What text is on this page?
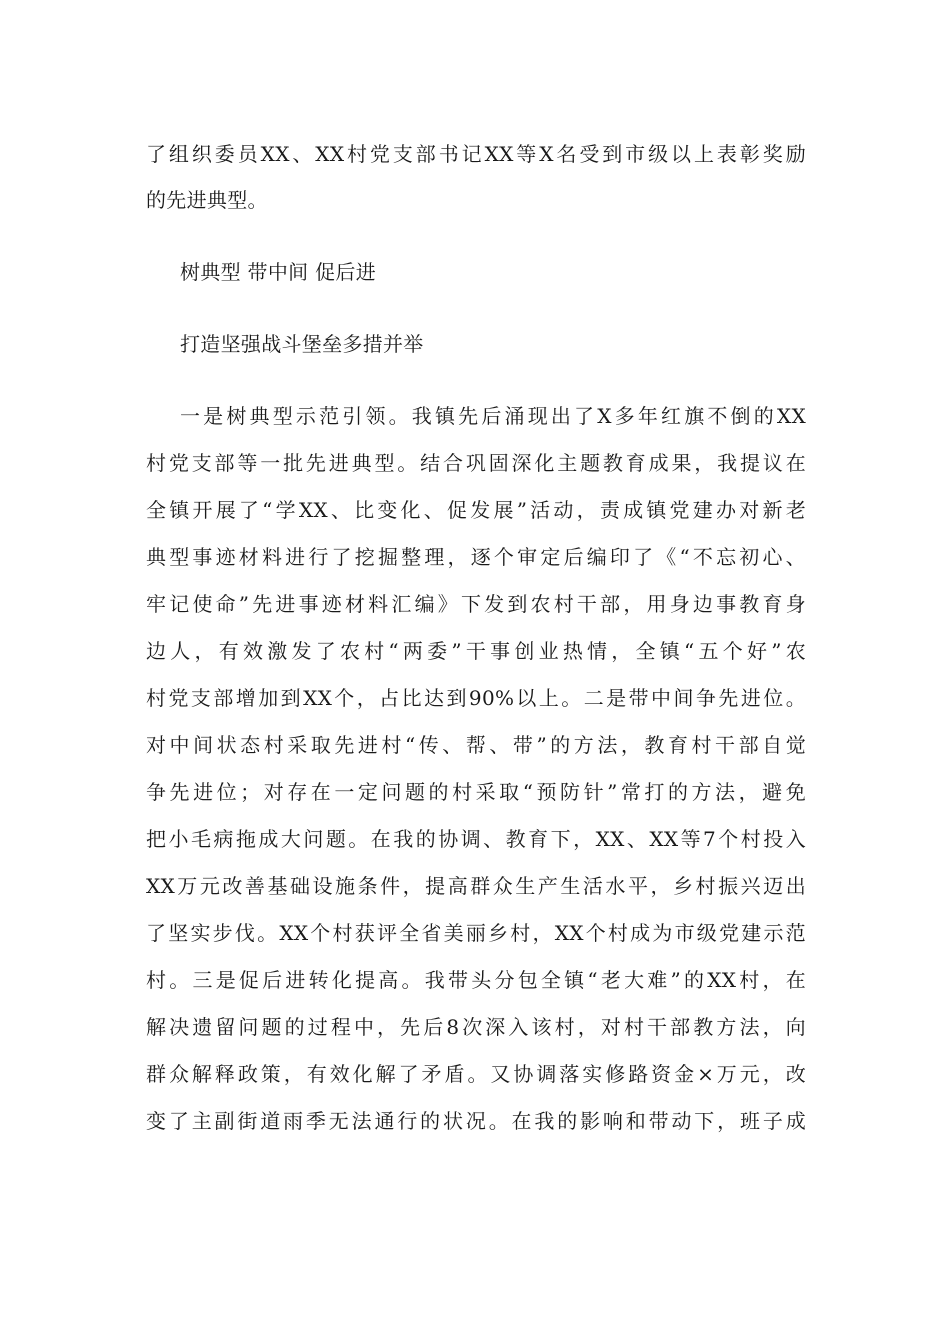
了组织委员XX、XX村党支部书记XX等X名受到市级以上表彰奖励
的先进典型。
树典型 带中间 促后进
打造坚强战斗堡垒多措并举
一是树典型示范引领。我镇先后涌现出了X多年红旗不倒的XX
村党支部等一批先进典型。结合巩固深化主题教育成果，我提议在
全镇开展了“学XX、比变化、促发展”活动，责成镇党建办对新老
典型事迹材料进行了挖掘整理，逐个审定后编印了《“不忘初心、
牢记使命”先进事迹材料汇编》下发到农村干部，用身边事教育身
边人，有效激发了农村“两委”干事创业热情，全镇“五个好”农
村党支部增加到XX个，占比达到90%以上。二是带中间争先进位。
对中间状态村采取先进村“传、帮、带”的方法，教育村干部自觉
争先进位；对存在一定问题的村采取“预防针”常打的方法，避免
把小毛病拖成大问题。在我的协调、教育下，XX、XX等7个村投入
XX万元改善基础设施条件，提高群众生产生活水平，乡村振兴迈出
了坚实步伐。XX个村获评全省美丽乡村，XX个村成为市级党建示范
村。三是促后进转化提高。我带头分包全镇“老大难”的XX村，在
解决遗留问题的过程中，先后8次深入该村，对村干部教方法，向
群众解释政策，有效化解了矛盾。又协调落实修路资金×万元，改
变了主副街道雨季无法通行的状况。在我的影响和带动下，班子成
